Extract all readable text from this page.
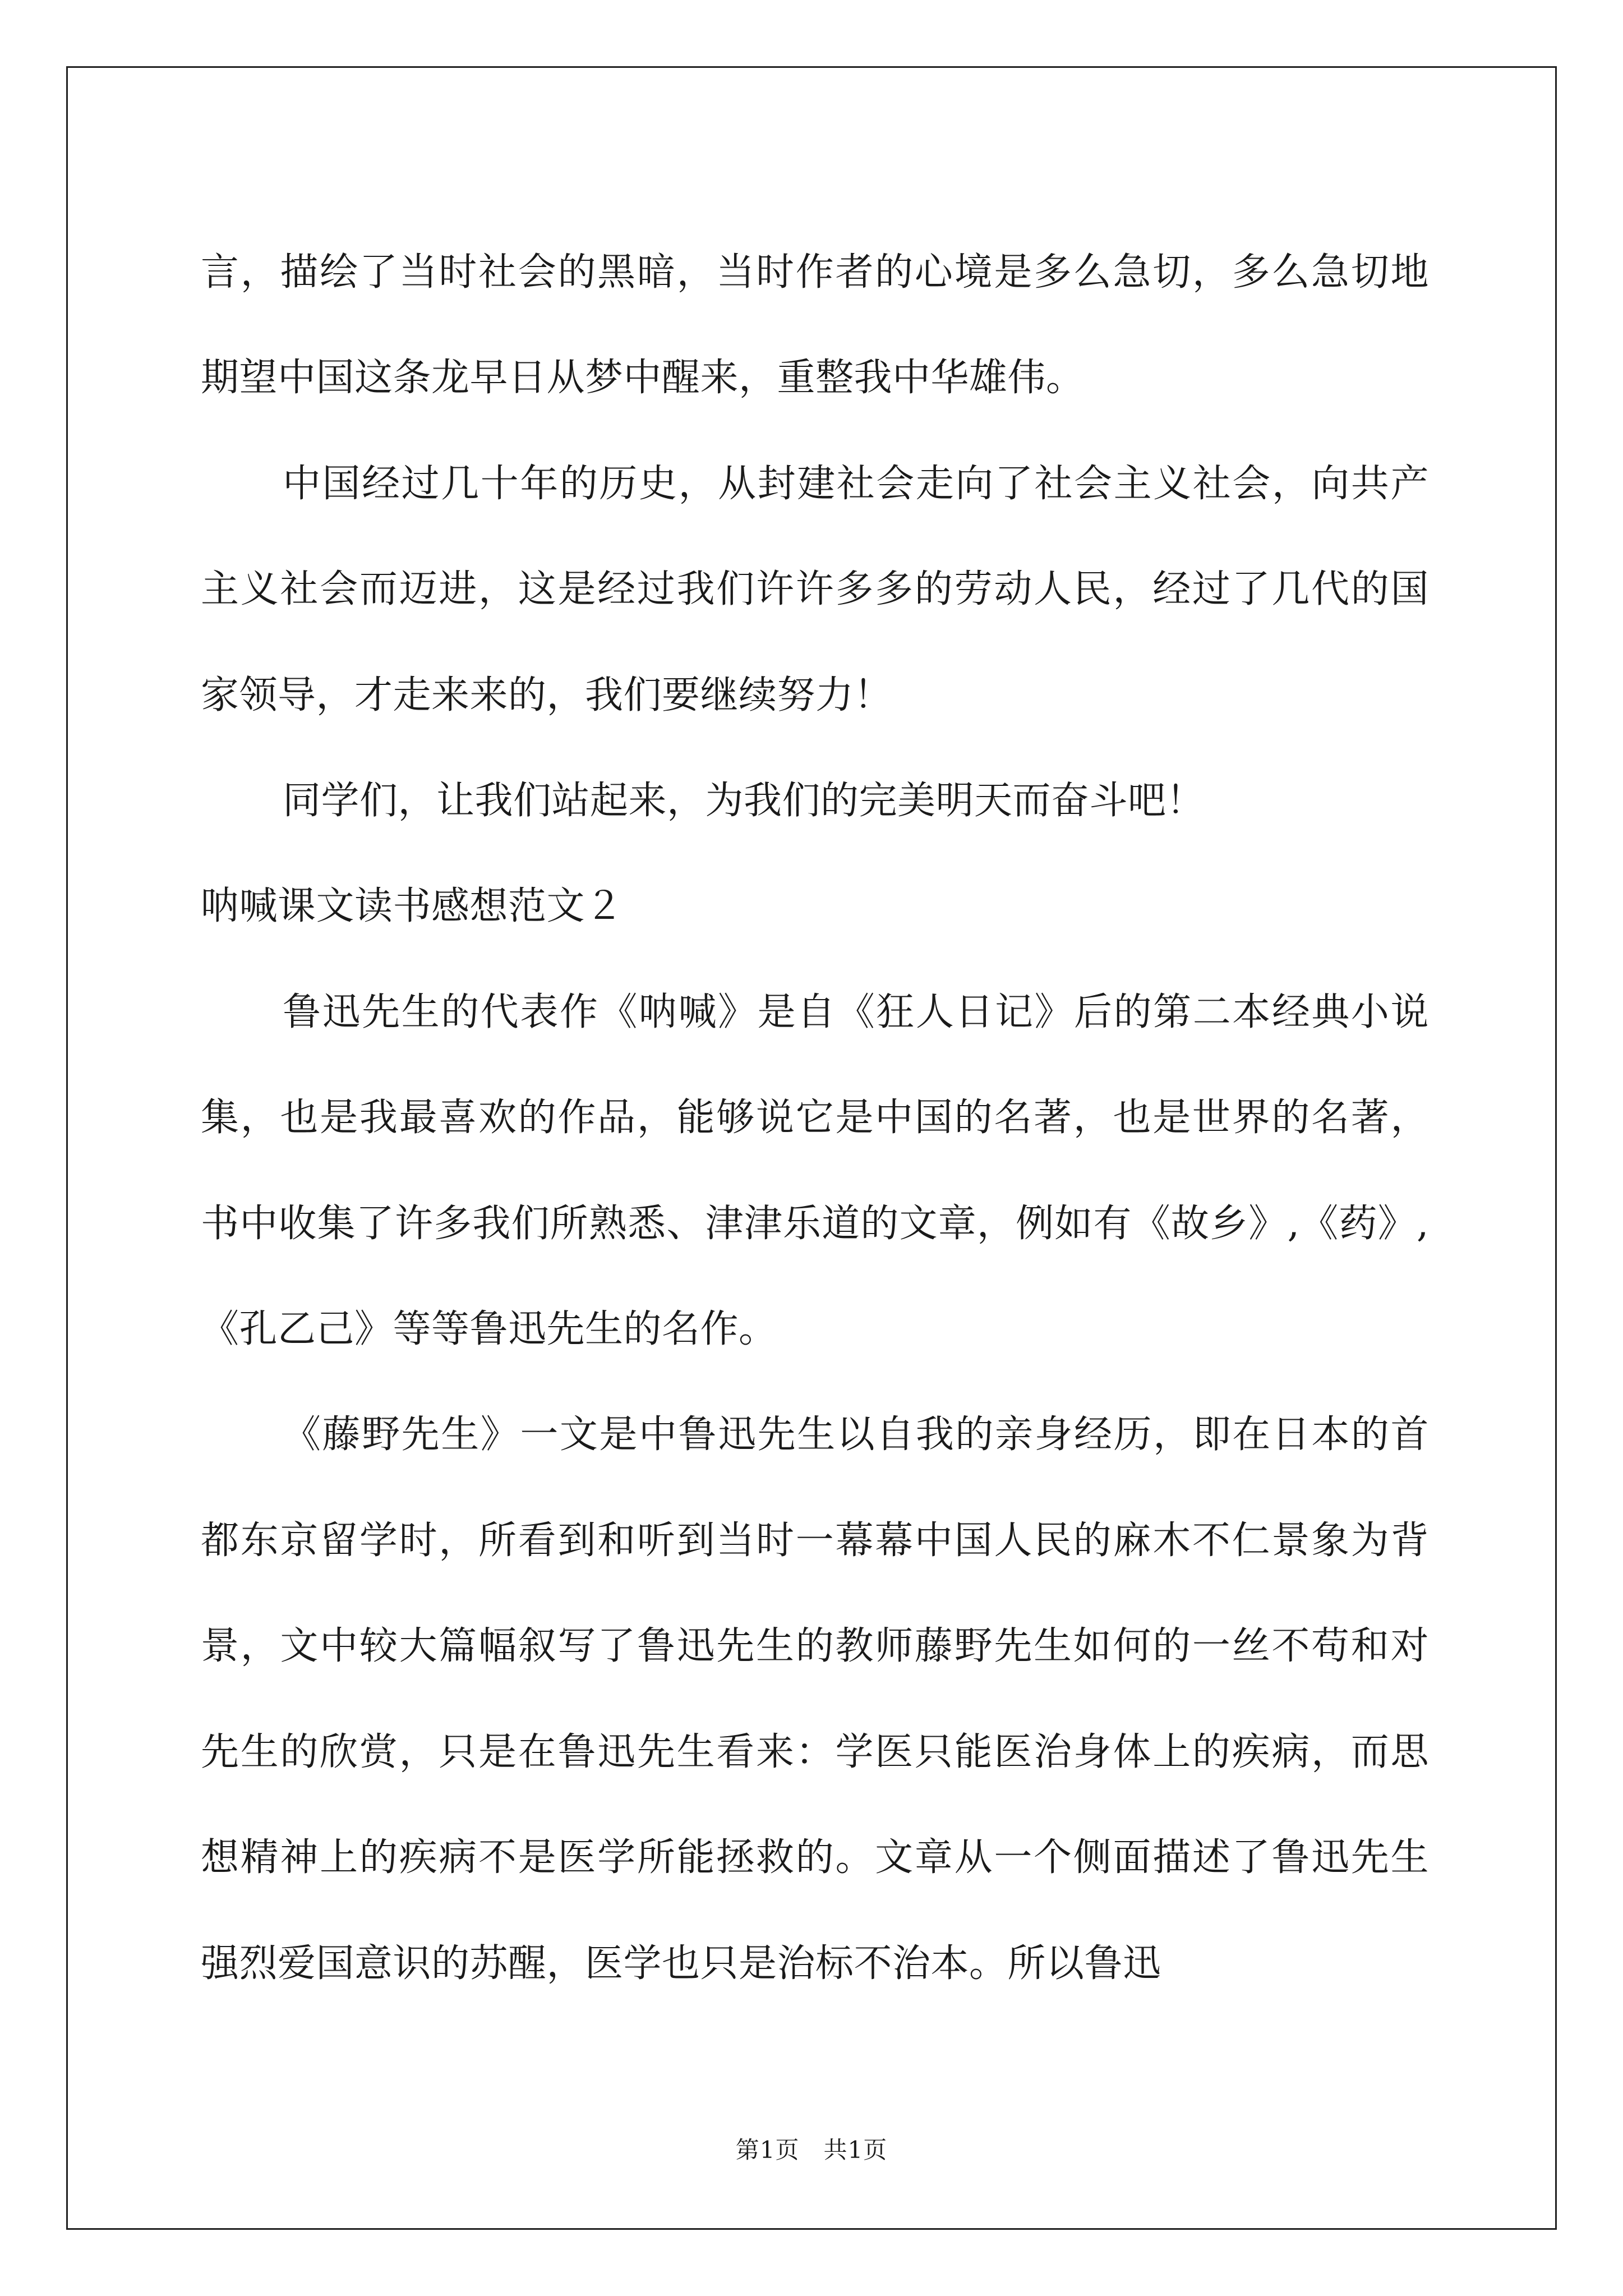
言，描绘了当时社会的黑暗，当时作者的心境是多么急切，多么急切地期望中国这条龙早日从梦中醒来，重整我中华雄伟。

中国经过几十年的历史，从封建社会走向了社会主义社会，向共产主义社会而迈进，这是经过我们许许多多的劳动人民，经过了几代的国家领导，才走来来的，我们要继续努力！

同学们，让我们站起来，为我们的完美明天而奋斗吧！

呐喊课文读书感想范文２

鲁迅先生的代表作《呐喊》是自《狂人日记》后的第二本经典小说集，也是我最喜欢的作品，能够说它是中国的名著，也是世界的名著，书中收集了许多我们所熟悉、津津乐道的文章，例如有《故乡》,《药》,《孔乙己》等等鲁迅先生的名作。

《藤野先生》一文是中鲁迅先生以自我的亲身经历，即在日本的首都东京留学时，所看到和听到当时一幕幕中国人民的麻木不仁景象为背景，文中较大篇幅叙写了鲁迅先生的教师藤野先生如何的一丝不苟和对先生的欣赏，只是在鲁迅先生看来：学医只能医治身体上的疾病，而思想精神上的疾病不是医学所能拯救的。文章从一个侧面描述了鲁迅先生强烈爱国意识的苏醒，医学也只是治标不治本。所以鲁迅

第1页　共1页
